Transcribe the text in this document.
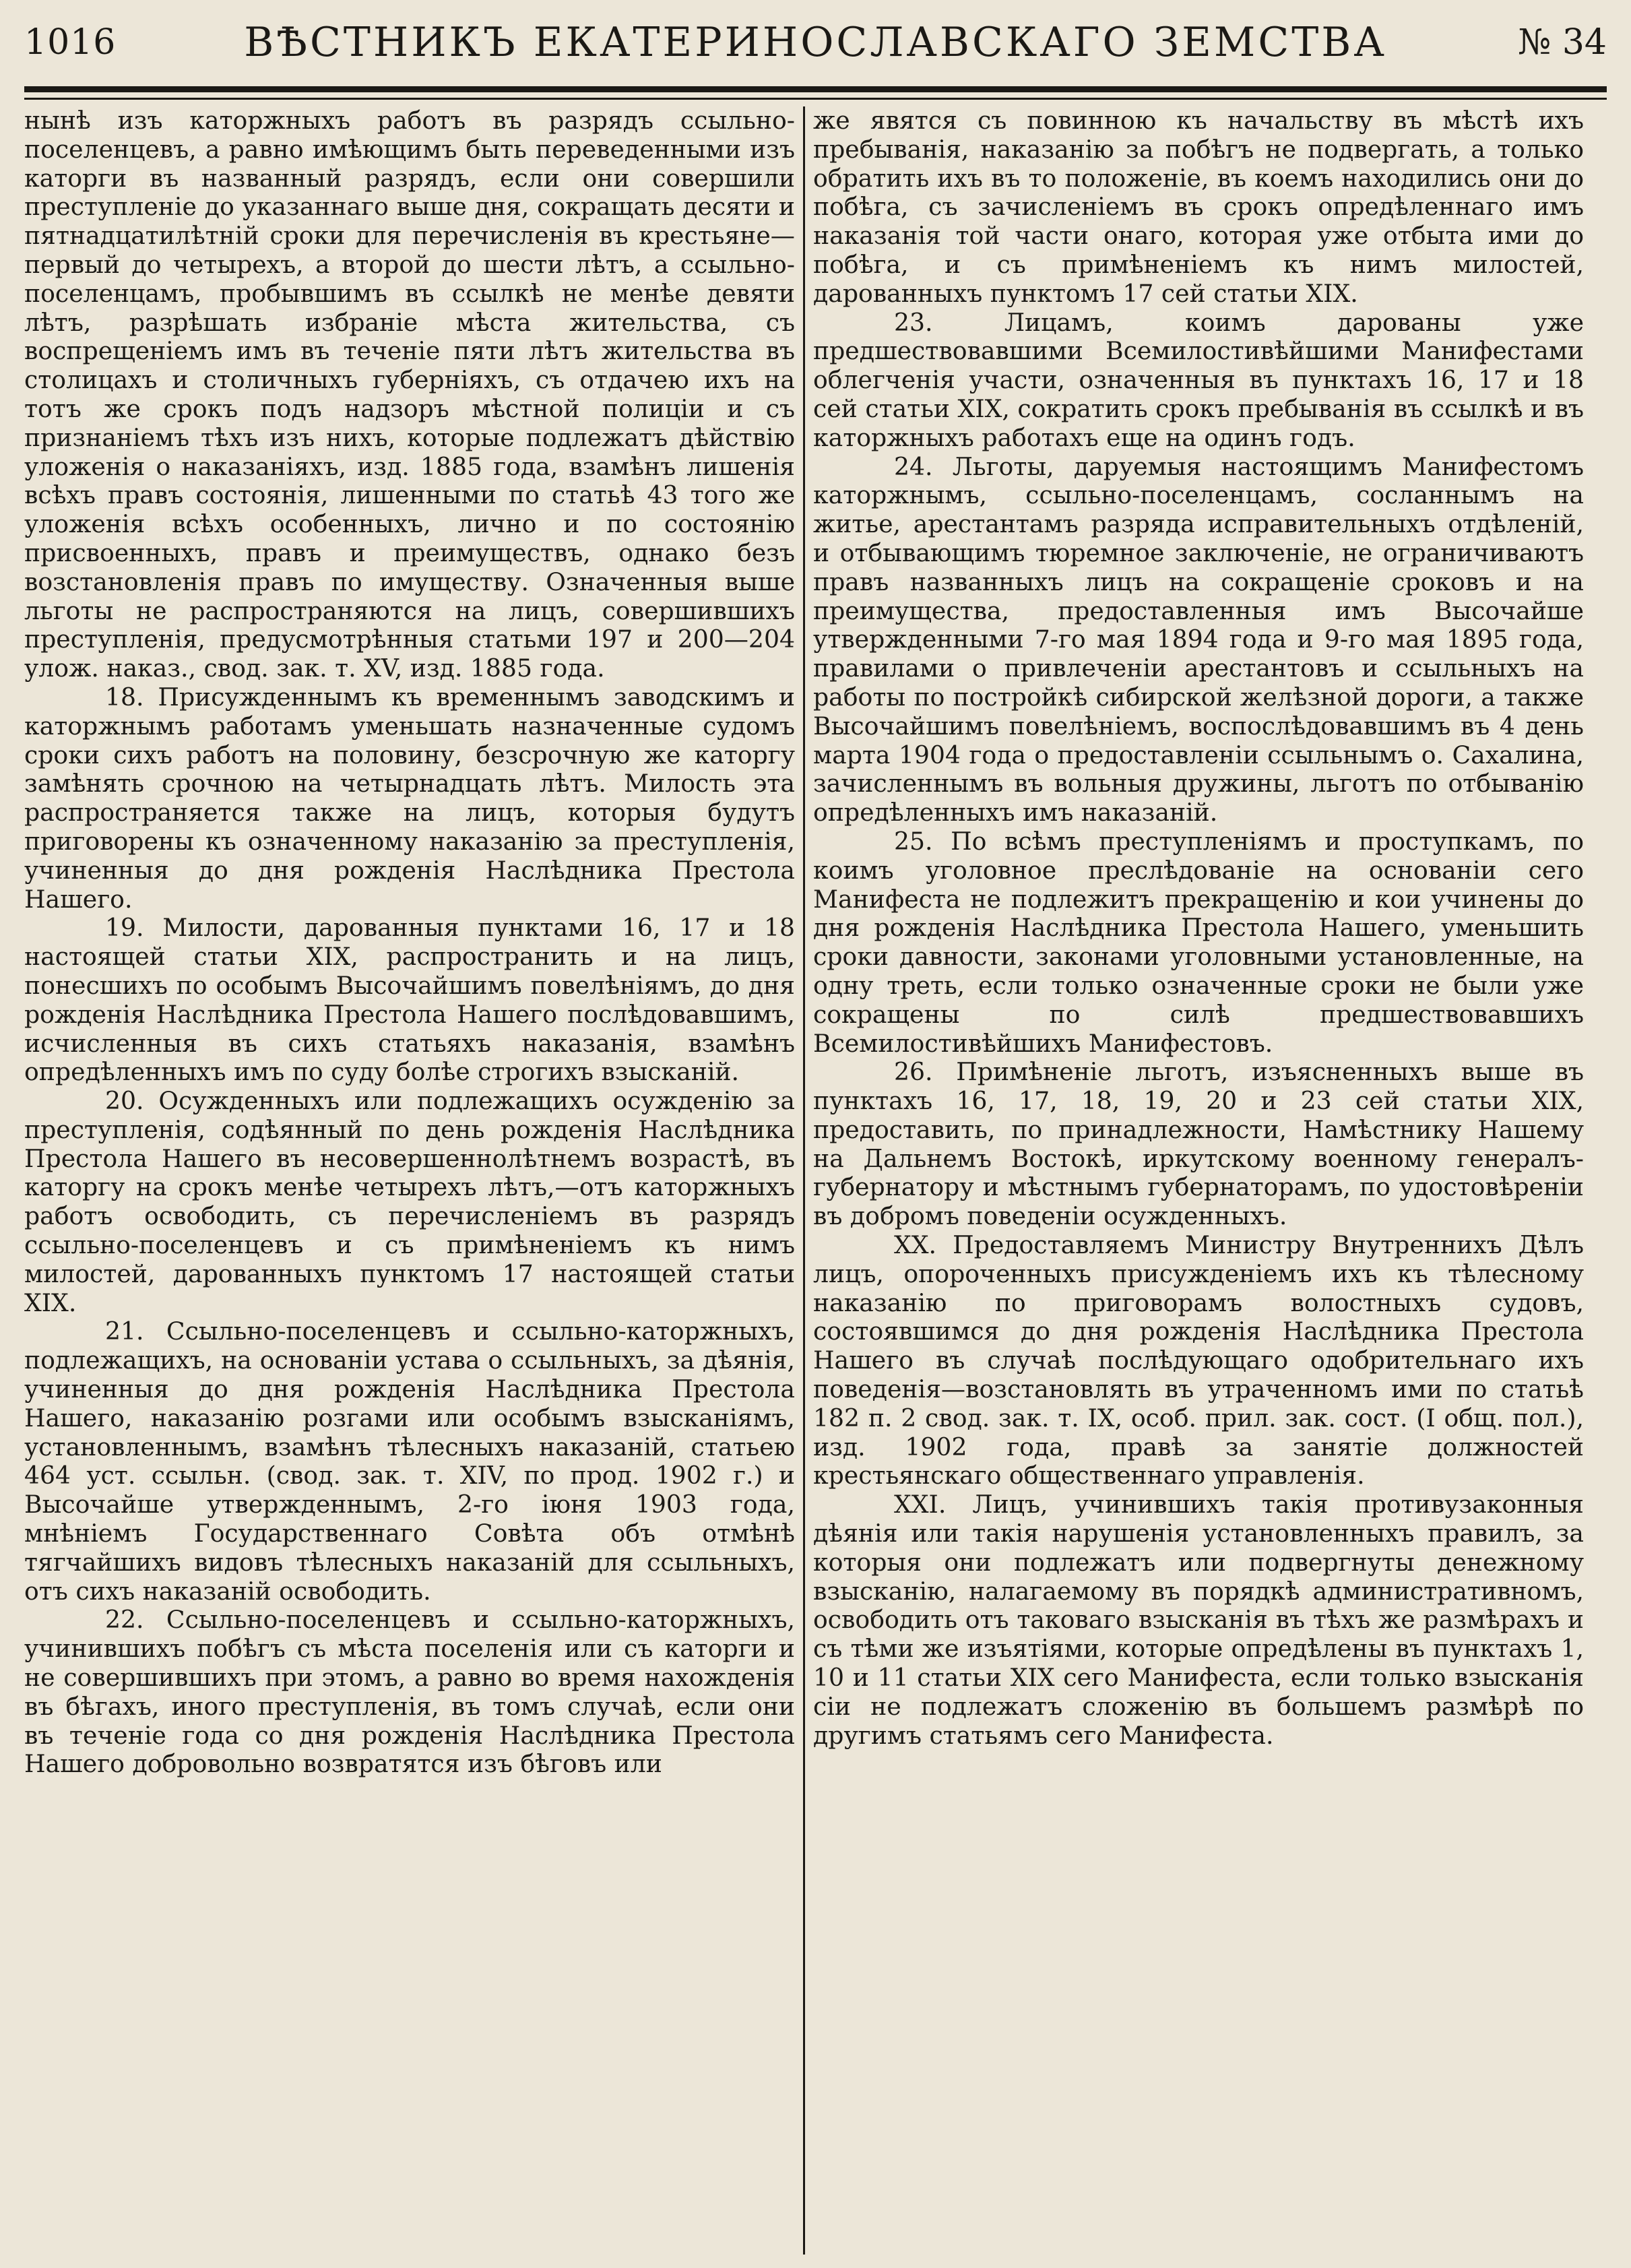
1016	ВѢСТНИКЪ ЕКАТЕРИНОСЛАВСКАГО ЗЕМСТВА	№ 34

нынѣ изъ каторжныхъ работъ въ разрядъ ссыльно-поселенцевъ, а равно имѣющимъ быть переведенными изъ каторги въ названный разрядъ, если они совершили преступленіе до указаннаго выше дня, сокращать десяти и пятнадцатилѣтній сроки для перечисленія въ крестьяне—первый до четырехъ, а второй до шести лѣтъ, а ссыльно-поселенцамъ, пробывшимъ въ ссылкѣ не менѣе девяти лѣтъ, разрѣшать избраніе мѣста жительства, съ воспрещеніемъ имъ въ теченіе пяти лѣтъ жительства въ столицахъ и столичныхъ губерніяхъ, съ отдачею ихъ на тотъ же срокъ подъ надзоръ мѣстной полиціи и съ признаніемъ тѣхъ изъ нихъ, которые подлежатъ дѣйствію уложенія о наказаніяхъ, изд. 1885 года, взамѣнъ лишенія всѣхъ правъ состоянія, лишенными по статьѣ 43 того же уложенія всѣхъ особенныхъ, лично и по состоянію присвоенныхъ, правъ и преимуществъ, однако безъ возстановленія правъ по имуществу. Означенныя выше льготы не распространяются на лицъ, совершившихъ преступленія, предусмотрѣнныя статьми 197 и 200—204 улож. наказ., свод. зак. т. XV, изд. 1885 года.

18. Присужденнымъ къ временнымъ заводскимъ и каторжнымъ работамъ уменьшать назначенные судомъ сроки сихъ работъ на половину, безсрочную же каторгу замѣнять срочною на четырнадцать лѣтъ. Милость эта распространяется также на лицъ, которыя будутъ приговорены къ означенному наказанію за преступленія, учиненныя до дня рожденія Наслѣдника Престола Нашего.

19. Милости, дарованныя пунктами 16, 17 и 18 настоящей статьи XIX, распространить и на лицъ, понесшихъ по особымъ Высочайшимъ повелѣніямъ, до дня рожденія Наслѣдника Престола Нашего послѣдовавшимъ, исчисленныя въ сихъ статьяхъ наказанія, взамѣнъ опредѣленныхъ имъ по суду болѣе строгихъ взысканій.

20. Осужденныхъ или подлежащихъ осужденію за преступленія, содѣянный по день рожденія Наслѣдника Престола Нашего въ несовершеннолѣтнемъ возрастѣ, въ каторгу на срокъ менѣе четырехъ лѣтъ,—отъ каторжныхъ работъ освободить, съ перечисленіемъ въ разрядъ ссыльно-поселенцевъ и съ примѣненіемъ къ нимъ милостей, дарованныхъ пунктомъ 17 настоящей статьи XIX.

21. Ссыльно-поселенцевъ и ссыльно-каторжныхъ, подлежащихъ, на основаніи устава о ссыльныхъ, за дѣянія, учиненныя до дня рожденія Наслѣдника Престола Нашего, наказанію розгами или особымъ взысканіямъ, установленнымъ, взамѣнъ тѣлесныхъ наказаній, статьею 464 уст. ссыльн. (свод. зак. т. XIV, по прод. 1902 г.) и Высочайше утвержденнымъ, 2-го іюня 1903 года, мнѣніемъ Государственнаго Совѣта объ отмѣнѣ тягчайшихъ видовъ тѣлесныхъ наказаній для ссыльныхъ, отъ сихъ наказаній освободить.

22. Ссыльно-поселенцевъ и ссыльно-каторжныхъ, учинившихъ побѣгъ съ мѣста поселенія или съ каторги и не совершившихъ при этомъ, а равно во время нахожденія въ бѣгахъ, иного преступленія, въ томъ случаѣ, если они въ теченіе года со дня рожденія Наслѣдника Престола Нашего добровольно возвратятся изъ бѣговъ или

же явятся съ повинною къ начальству въ мѣстѣ ихъ пребыванія, наказанію за побѣгъ не подвергать, а только обратить ихъ въ то положеніе, въ коемъ находились они до побѣга, съ зачисленіемъ въ срокъ опредѣленнаго имъ наказанія той части онаго, которая уже отбыта ими до побѣга, и съ примѣненіемъ къ нимъ милостей, дарованныхъ пунктомъ 17 сей статьи XIX.

23. Лицамъ, коимъ дарованы уже предшествовавшими Всемилостивѣйшими Манифестами облегченія участи, означенныя въ пунктахъ 16, 17 и 18 сей статьи XIX, сократить срокъ пребыванія въ ссылкѣ и въ каторжныхъ работахъ еще на одинъ годъ.

24. Льготы, даруемыя настоящимъ Манифестомъ каторжнымъ, ссыльно-поселенцамъ, сосланнымъ на житье, арестантамъ разряда исправительныхъ отдѣленій, и отбывающимъ тюремное заключеніе, не ограничиваютъ правъ названныхъ лицъ на сокращеніе сроковъ и на преимущества, предоставленныя имъ Высочайше утвержденными 7-го мая 1894 года и 9-го мая 1895 года, правилами о привлеченіи арестантовъ и ссыльныхъ на работы по постройкѣ сибирской желѣзной дороги, а также Высочайшимъ повелѣніемъ, воспослѣдовавшимъ въ 4 день марта 1904 года о предоставленіи ссыльнымъ о. Сахалина, зачисленнымъ въ вольныя дружины, льготъ по отбыванію опредѣленныхъ имъ наказаній.

25. По всѣмъ преступленіямъ и проступкамъ, по коимъ уголовное преслѣдованіе на основаніи сего Манифеста не подлежитъ прекращенію и кои учинены до дня рожденія Наслѣдника Престола Нашего, уменьшить сроки давности, законами уголовными установленные, на одну треть, если только означенные сроки не были уже сокращены по силѣ предшествовавшихъ Всемилостивѣйшихъ Манифестовъ.

26. Примѣненіе льготъ, изъясненныхъ выше въ пунктахъ 16, 17, 18, 19, 20 и 23 сей статьи XIX, предоставить, по принадлежности, Намѣстнику Нашему на Дальнемъ Востокѣ, иркутскому военному генералъ-губернатору и мѣстнымъ губернаторамъ, по удостовѣреніи въ добромъ поведеніи осужденныхъ.

XX. Предоставляемъ Министру Внутреннихъ Дѣлъ лицъ, опороченныхъ присужденіемъ ихъ къ тѣлесному наказанію по приговорамъ волостныхъ судовъ, состоявшимся до дня рожденія Наслѣдника Престола Нашего въ случаѣ послѣдующаго одобрительнаго ихъ поведенія—возстановлять въ утраченномъ ими по статьѣ 182 п. 2 свод. зак. т. IX, особ. прил. зак. сост. (I общ. пол.), изд. 1902 года, правѣ за занятіе должностей крестьянскаго общественнаго управленія.

XXI. Лицъ, учинившихъ такія противузаконныя дѣянія или такія нарушенія установленныхъ правилъ, за которыя они подлежатъ или подвергнуты денежному взысканію, налагаемому въ порядкѣ административномъ, освободить отъ таковаго взысканія въ тѣхъ же размѣрахъ и съ тѣми же изъятіями, которые опредѣлены въ пунктахъ 1, 10 и 11 статьи XIX сего Манифеста, если только взысканія сіи не подлежатъ сложенію въ большемъ размѣрѣ по другимъ статьямъ сего Манифеста.
